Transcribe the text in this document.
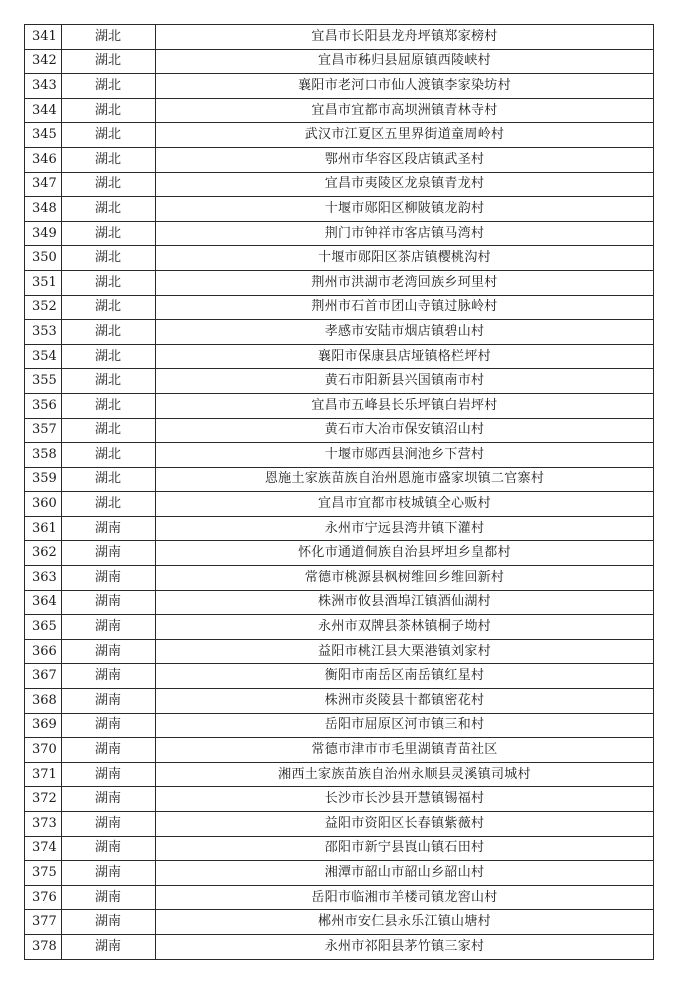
341	湖北	宜昌市长阳县龙舟坪镇郑家榜村
342	湖北	宜昌市秭归县屈原镇西陵峡村
343	湖北	襄阳市老河口市仙人渡镇李家染坊村
344	湖北	宜昌市宜都市高坝洲镇青林寺村
345	湖北	武汉市江夏区五里界街道童周岭村
346	湖北	鄂州市华容区段店镇武圣村
347	湖北	宜昌市夷陵区龙泉镇青龙村
348	湖北	十堰市郧阳区柳陂镇龙韵村
349	湖北	荆门市钟祥市客店镇马湾村
350	湖北	十堰市郧阳区茶店镇樱桃沟村
351	湖北	荆州市洪湖市老湾回族乡珂里村
352	湖北	荆州市石首市团山寺镇过脉岭村
353	湖北	孝感市安陆市烟店镇碧山村
354	湖北	襄阳市保康县店垭镇格栏坪村
355	湖北	黄石市阳新县兴国镇南市村
356	湖北	宜昌市五峰县长乐坪镇白岩坪村
357	湖北	黄石市大冶市保安镇沼山村
358	湖北	十堰市郧西县涧池乡下营村
359	湖北	恩施土家族苗族自治州恩施市盛家坝镇二官寨村
360	湖北	宜昌市宜都市枝城镇全心贩村
361	湖南	永州市宁远县湾井镇下灌村
362	湖南	怀化市通道侗族自治县坪坦乡皇都村
363	湖南	常德市桃源县枫树维回乡维回新村
364	湖南	株洲市攸县酒埠江镇酒仙湖村
365	湖南	永州市双牌县茶林镇桐子坳村
366	湖南	益阳市桃江县大栗港镇刘家村
367	湖南	衡阳市南岳区南岳镇红星村
368	湖南	株洲市炎陵县十都镇密花村
369	湖南	岳阳市屈原区河市镇三和村
370	湖南	常德市津市市毛里湖镇青苗社区
371	湖南	湘西土家族苗族自治州永顺县灵溪镇司城村
372	湖南	长沙市长沙县开慧镇锡福村
373	湖南	益阳市资阳区长春镇紫薇村
374	湖南	邵阳市新宁县崀山镇石田村
375	湖南	湘潭市韶山市韶山乡韶山村
376	湖南	岳阳市临湘市羊楼司镇龙窖山村
377	湖南	郴州市安仁县永乐江镇山塘村
378	湖南	永州市祁阳县茅竹镇三家村
